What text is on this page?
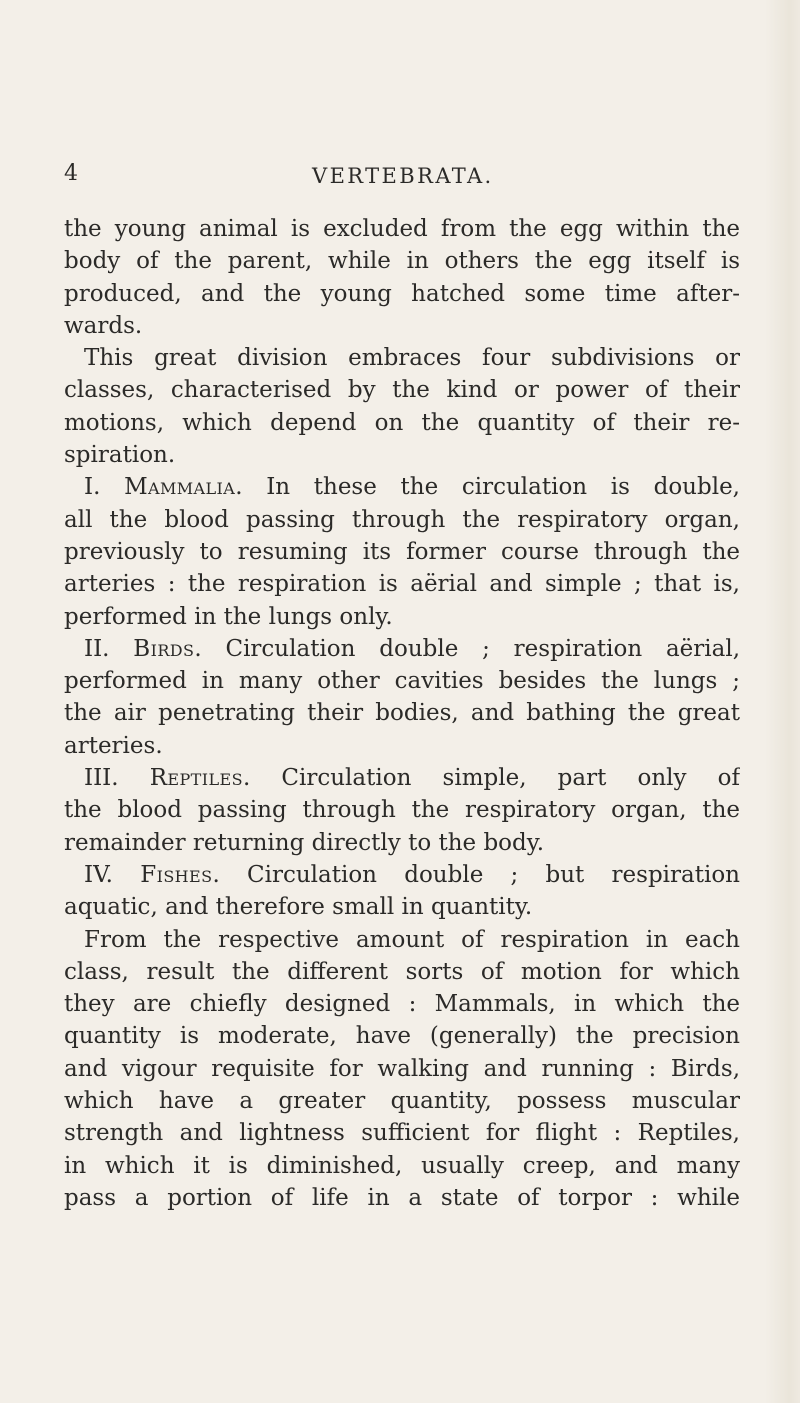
4	VERTEBRATA.
the young animal is excluded from the egg within the
body of the parent, while in others the egg itself is
produced, and the young hatched some time after-
wards.
This great division embraces four subdivisions or
classes, characterised by the kind or power of their
motions, which depend on the quantity of their re-
spiration.
I. Mammalia. In these the circulation is double,
all the blood passing through the respiratory organ,
previously to resuming its former course through the
arteries : the respiration is aërial and simple ; that is,
performed in the lungs only.
II. Birds. Circulation double ; respiration aërial,
performed in many other cavities besides the lungs ;
the air penetrating their bodies, and bathing the great
arteries.
III. Reptiles. Circulation simple, part only of
the blood passing through the respiratory organ, the
remainder returning directly to the body.
IV. Fishes. Circulation double ; but respiration
aquatic, and therefore small in quantity.
From the respective amount of respiration in each
class, result the different sorts of motion for which
they are chiefly designed : Mammals, in which the
quantity is moderate, have (generally) the precision
and vigour requisite for walking and running : Birds,
which have a greater quantity, possess muscular
strength and lightness sufficient for flight : Reptiles,
in which it is diminished, usually creep, and many
pass a portion of life in a state of torpor : while
